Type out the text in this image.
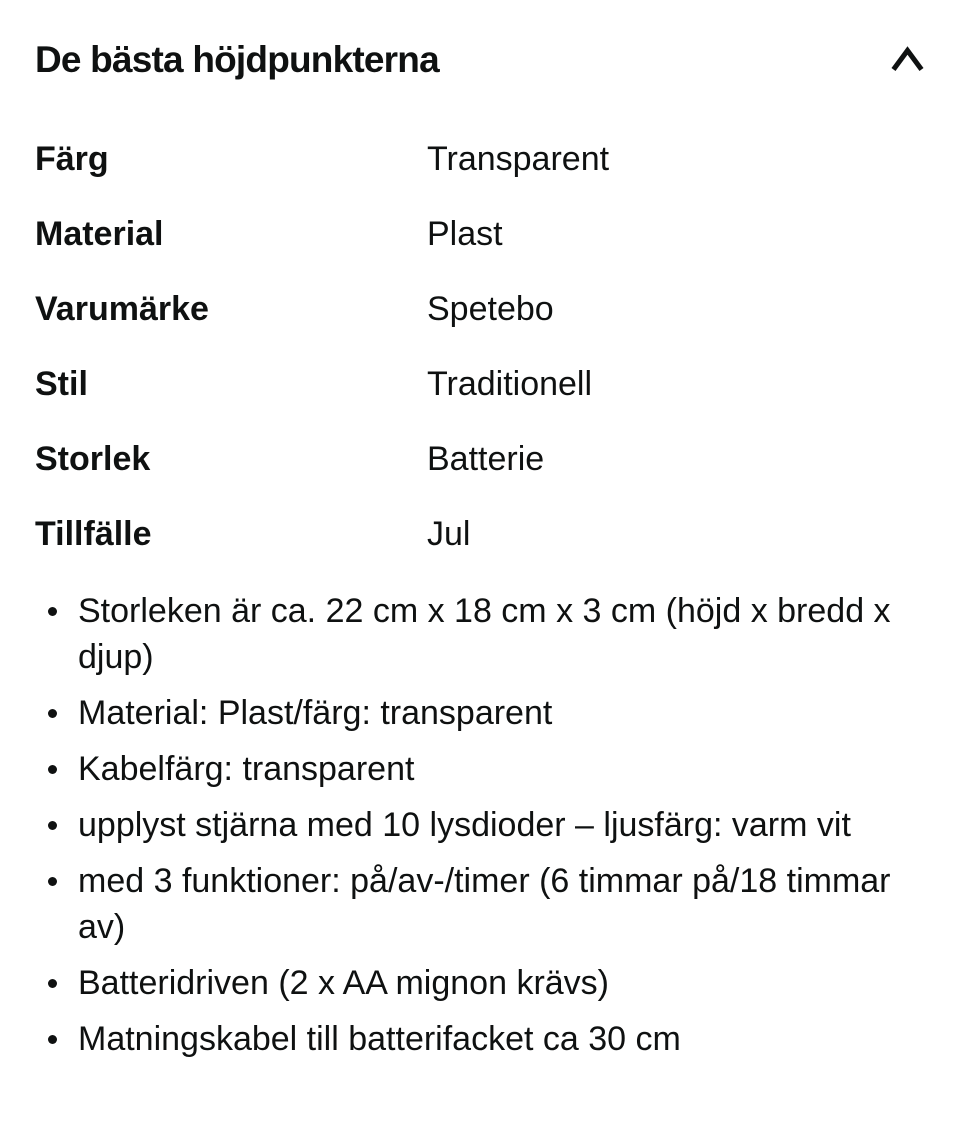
De bästa höjdpunkterna
Färg	Transparent
Material	Plast
Varumärke	Spetebo
Stil	Traditionell
Storlek	Batterie
Tillfälle	Jul
Storleken är ca. 22 cm x 18 cm x 3 cm (höjd x bredd x djup)
Material: Plast/färg: transparent
Kabelfärg: transparent
upplyst stjärna med 10 lysdioder – ljusfärg: varm vit
med 3 funktioner: på/av-/timer (6 timmar på/18 timmar av)
Batteridriven (2 x AA mignon krävs)
Matningskabel till batterifacket ca 30 cm
